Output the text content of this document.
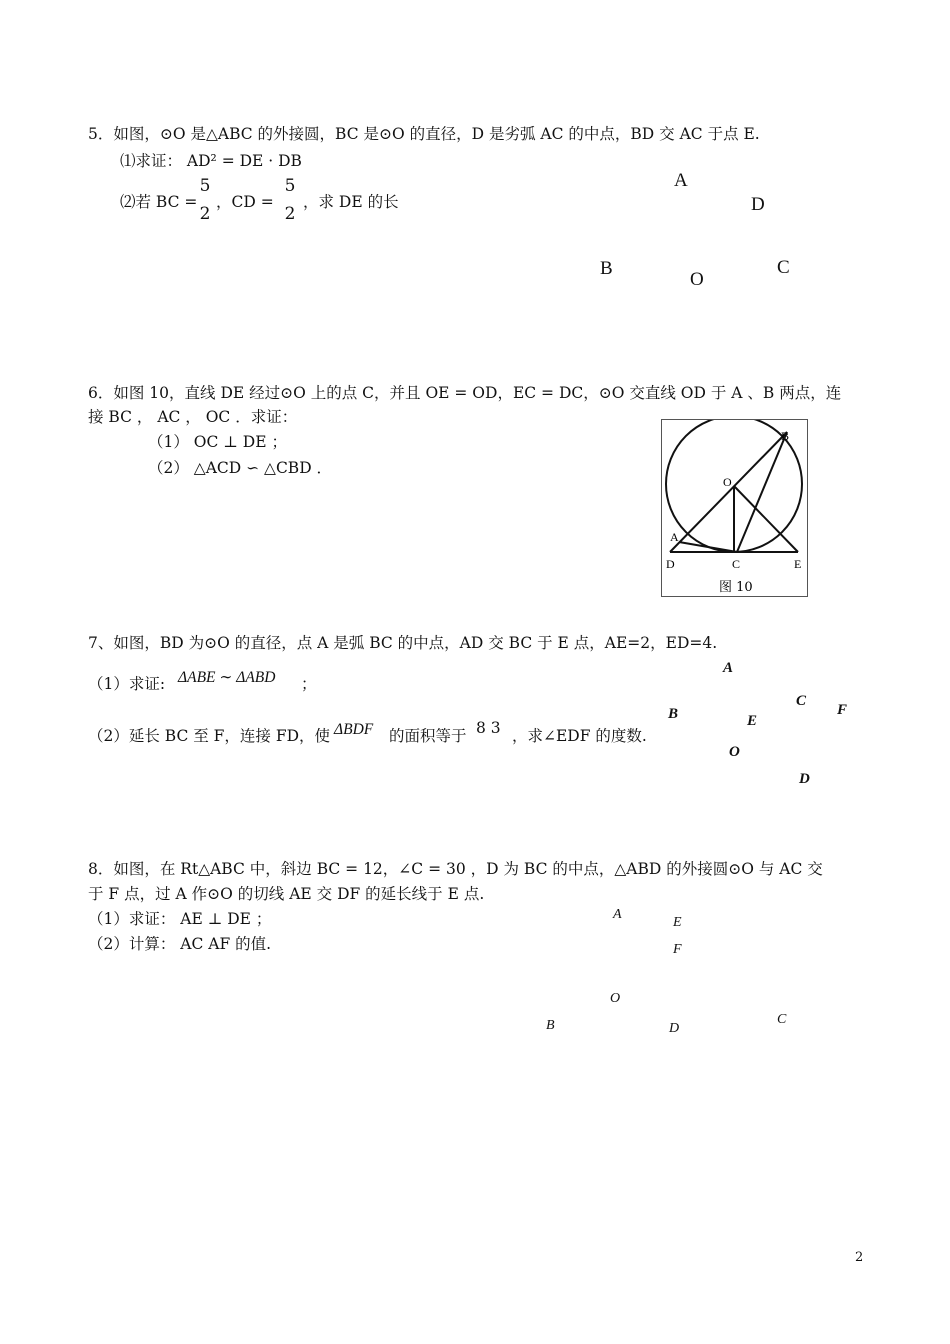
5．如图，⊙O 是△ABC 的外接圆，BC 是⊙O 的直径，D 是劣弧 AC 的中点，BD 交 AC 于点 E.
⑴求证： AD² = DE · DB
⑵若 BC =
5
2
，CD =
5
2
，求 DE 的长
A
D
B
O
C
6．如图 10，直线 DE 经过⊙O 上的点 C，并且 OE = OD，EC = DC，⊙O 交直线 OD 于 A 、B 两点，连
接 BC ， AC ， OC ．求证：
（1） OC ⊥ DE ；
（2） △ACD ∽ △CBD ．
B
O
A
D	C	E
图 10
7、如图，BD 为⊙O 的直径，点 A 是弧 BC 的中点，AD 交 BC 于 E 点，AE=2，ED=4.
（1）求证: ΔABE ∼ ΔABD ；
（2）延长 BC 至 F，连接 FD，使 ΔBDF 的面积等于 8 3 ，求∠EDF 的度数.
A
B
C
F
E
O
D
8．如图，在 Rt△ABC 中，斜边 BC = 12，∠C = 30 ，D 为 BC 的中点，△ABD 的外接圆⊙O 与 AC 交
于 F 点，过 A 作⊙O 的切线 AE 交 DF 的延长线于 E 点.
（1）求证： AE ⊥ DE ；
（2）计算： AC AF 的值.
A
E
F
O
B	D
C
2
